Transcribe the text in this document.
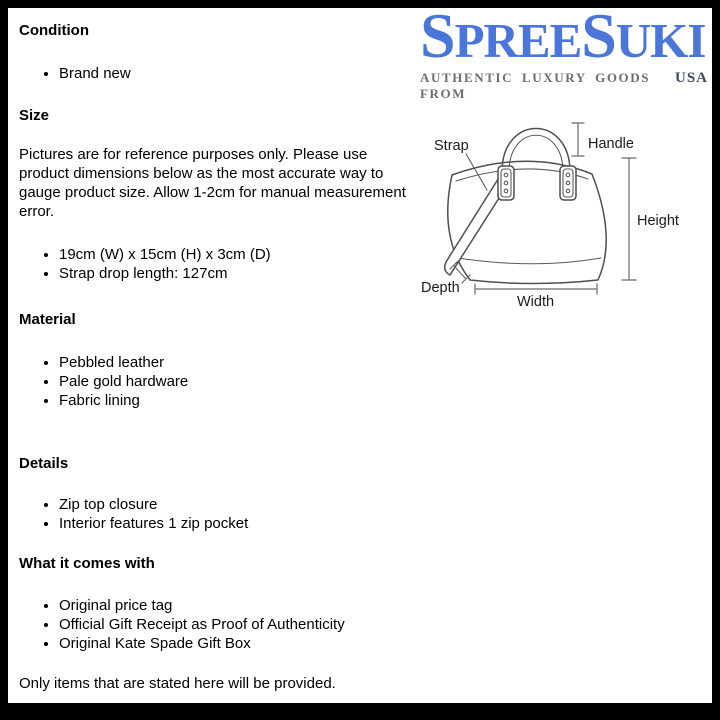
Condition
• Brand new
Size

Pictures are for reference purposes only. Please use product dimensions below as the most accurate way to gauge product size. Allow 1-2cm for manual measurement error.

• 19cm (W) x 15cm (H) x 3cm (D)
• Strap drop length: 127cm
Material
• Pebbled leather
• Pale gold hardware
• Fabric lining
Details
• Zip top closure
• Interior features 1 zip pocket
What it comes with
• Original price tag
• Official Gift Receipt as Proof of Authenticity
• Original Kate Spade Gift Box

Only items that are stated here will be provided.

SPREESUKI
AUTHENTIC LUXURY GOODS FROM
USA
Strap	Handle
Height
Depth
Width
